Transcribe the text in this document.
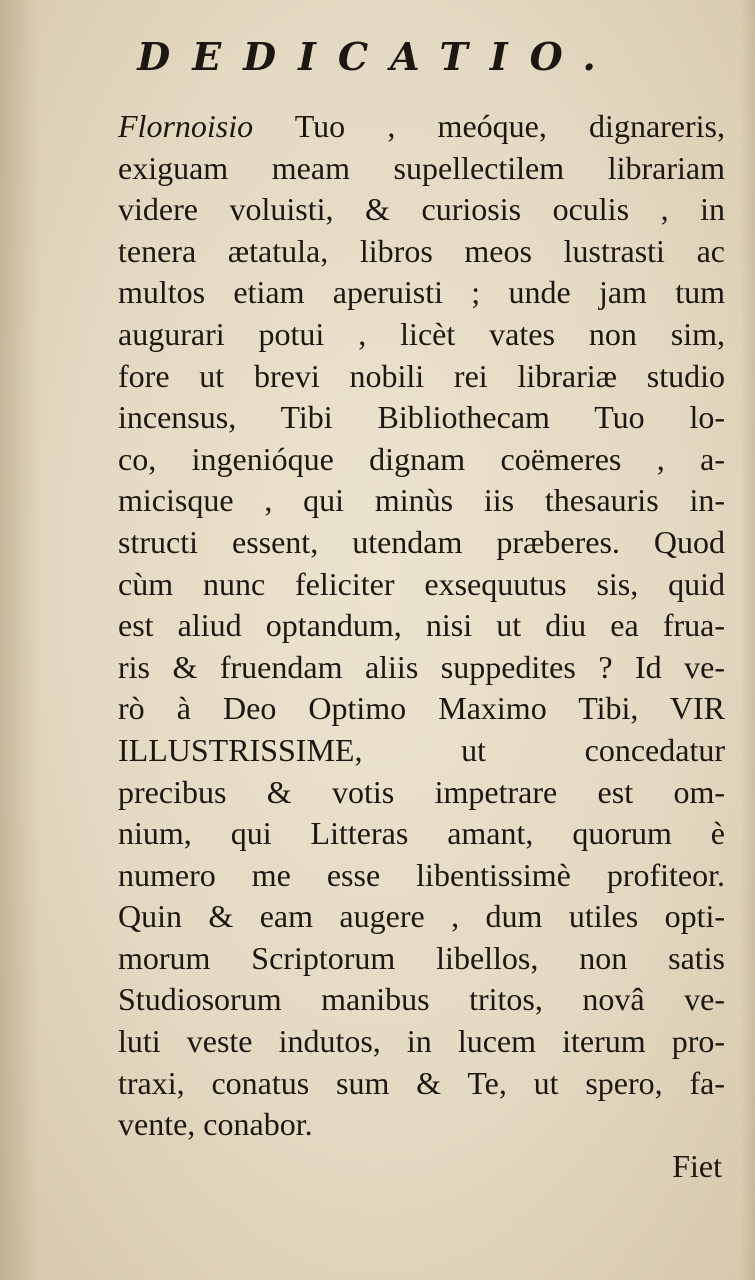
DEDICATIO.
Flornoisio Tuo , meóque, dignareris,
exiguam meam supellectilem librariam
videre voluisti, & curiosis oculis , in
tenera ætatula, libros meos lustrasti ac
multos etiam aperuisti ; unde jam tum
augurari potui , licèt vates non sim,
fore ut brevi nobili rei librariæ studio
incensus, Tibi Bibliothecam Tuo lo-
co, ingenióque dignam coëmeres , a-
micisque , qui minùs iis thesauris in-
structi essent, utendam præberes. Quod
cùm nunc feliciter exsequutus sis, quid
est aliud optandum, nisi ut diu ea frua-
ris & fruendam aliis suppedites ? Id ve-
rò à Deo Optimo Maximo Tibi, VIR
ILLUSTRISSIME, ut concedatur
precibus & votis impetrare est om-
nium, qui Litteras amant, quorum è
numero me esse libentissimè profiteor.
Quin & eam augere , dum utiles opti-
morum Scriptorum libellos, non satis
Studiosorum manibus tritos, novâ ve-
luti veste indutos, in lucem iterum pro-
traxi, conatus sum & Te, ut spero, fa-
vente, conabor.

Fiet
